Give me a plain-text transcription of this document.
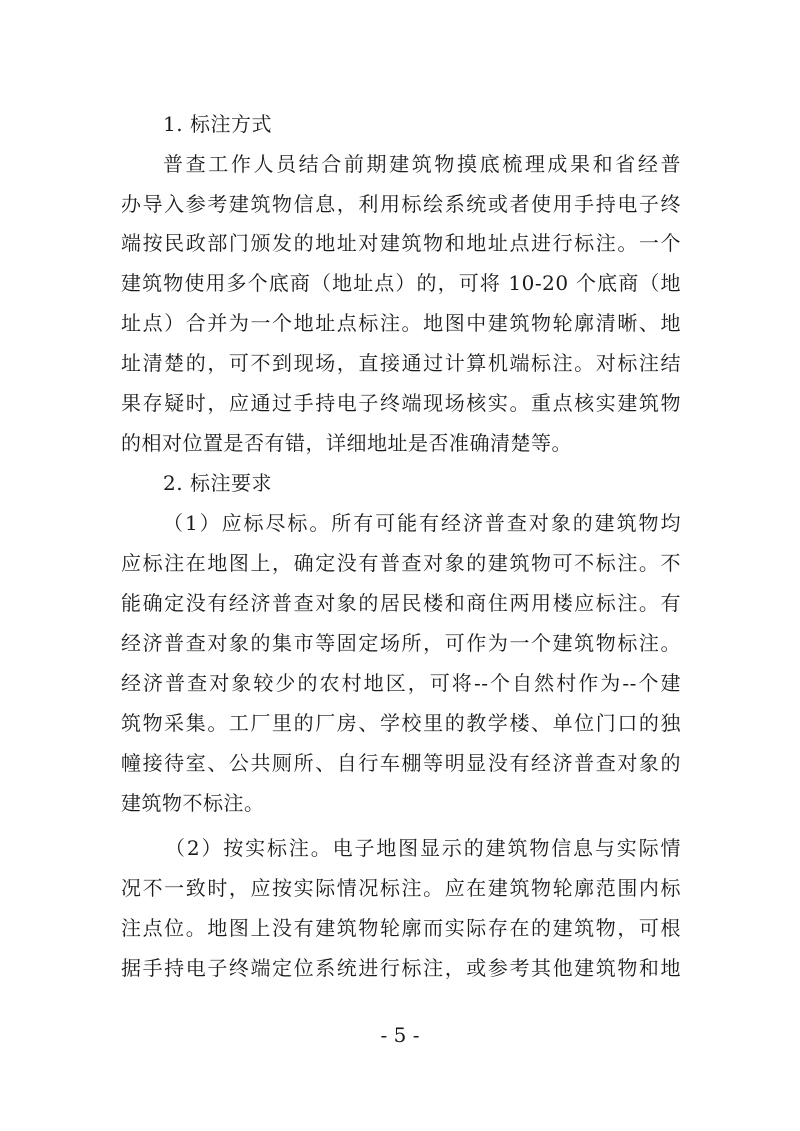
1. 标注方式
普查工作人员结合前期建筑物摸底梳理成果和省经普
办导入参考建筑物信息，利用标绘系统或者使用手持电子终
端按民政部门颁发的地址对建筑物和地址点进行标注。一个
建筑物使用多个底商（地址点）的，可将 10-20 个底商（地
址点）合并为一个地址点标注。地图中建筑物轮廓清晰、地
址清楚的，可不到现场，直接通过计算机端标注。对标注结
果存疑时，应通过手持电子终端现场核实。重点核实建筑物
的相对位置是否有错，详细地址是否准确清楚等。
2. 标注要求
（1）应标尽标。所有可能有经济普查对象的建筑物均
应标注在地图上，确定没有普查对象的建筑物可不标注。不
能确定没有经济普查对象的居民楼和商住两用楼应标注。有
经济普查对象的集市等固定场所，可作为一个建筑物标注。
经济普查对象较少的农村地区，可将--个自然村作为--个建
筑物采集。工厂里的厂房、学校里的教学楼、单位门口的独
幢接待室、公共厕所、自行车棚等明显没有经济普查对象的
建筑物不标注。
（2）按实标注。电子地图显示的建筑物信息与实际情
况不一致时，应按实际情况标注。应在建筑物轮廓范围内标
注点位。地图上没有建筑物轮廓而实际存在的建筑物，可根
据手持电子终端定位系统进行标注，或参考其他建筑物和地
- 5 -
